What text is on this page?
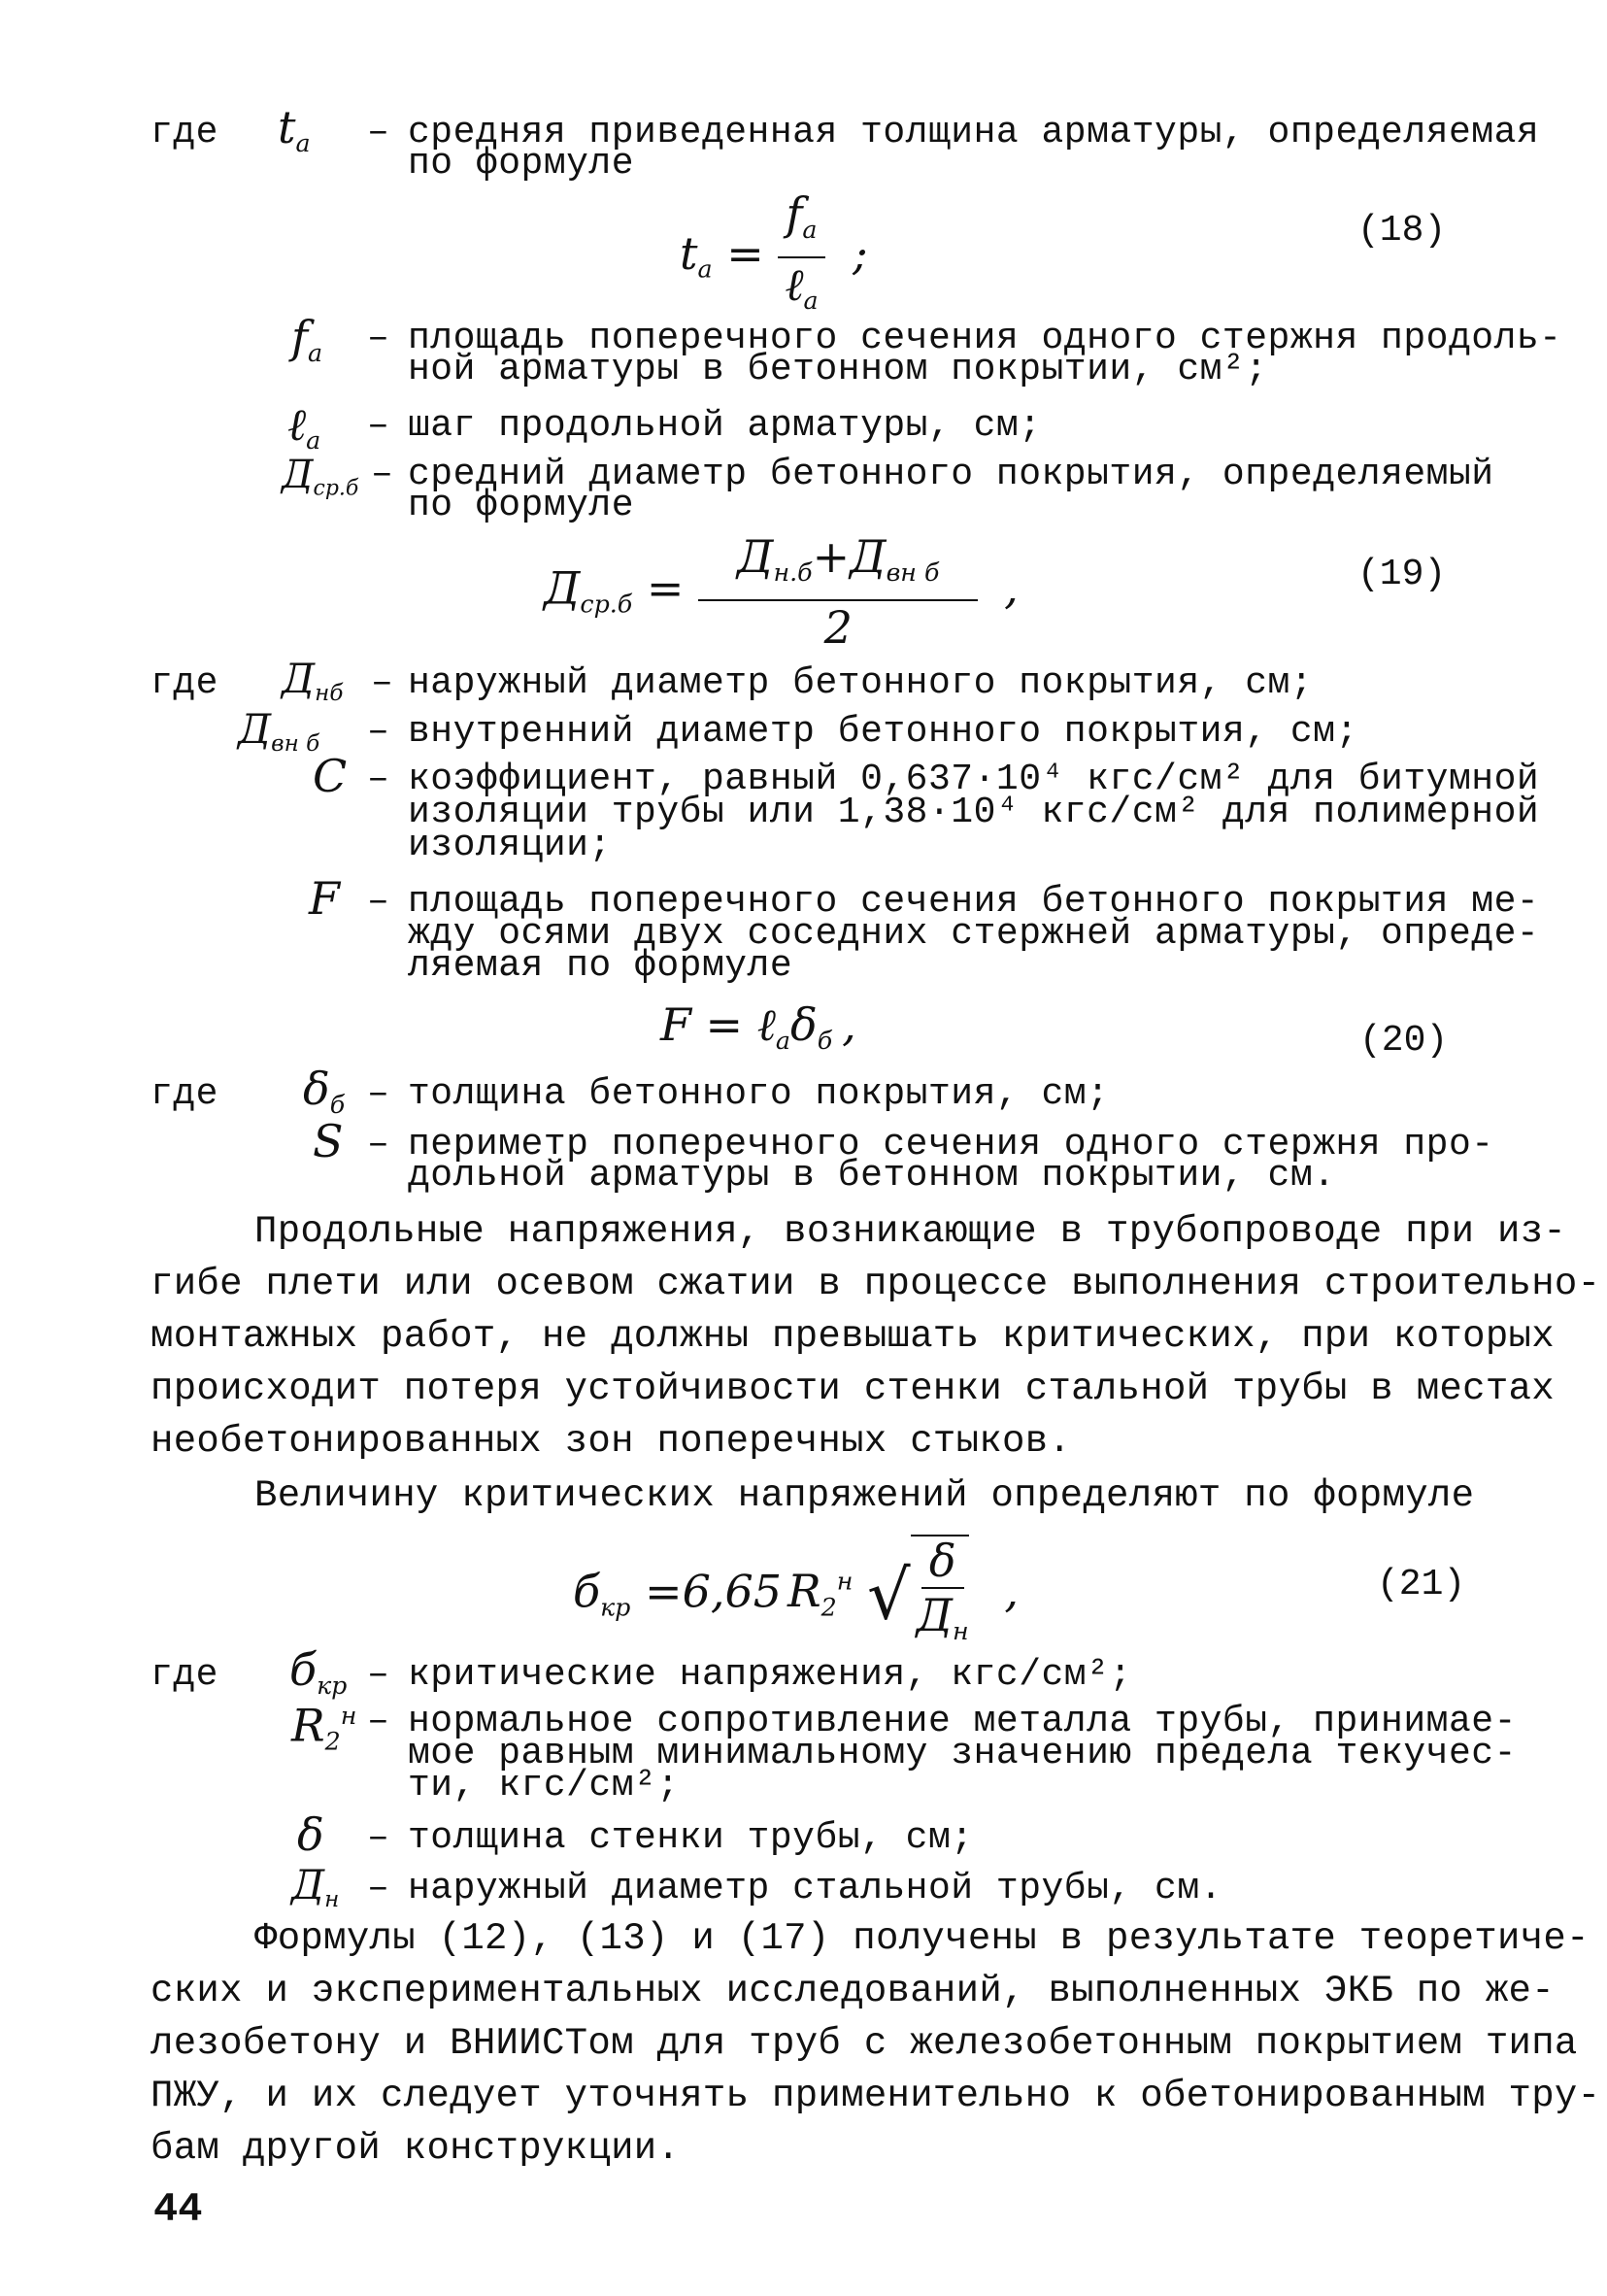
где $t_a$ – средняя приведенная толщина арматуры, определяемая
по формуле
$t_a = \frac{f_a}{\ell_a}$ ;	(18)
$f_a$ – площадь поперечного сечения одного стержня продоль-
ной арматуры в бетонном покрытии, см²;
ℓ$_a$ – шаг продольной арматуры, см;
$Д_{ср.б}$ – средний диаметр бетонного покрытия, определяемый
по формуле
$Д_{ср.б} = \frac{Д_{н.б}+Д_{вн б}}{2}$ ,	(19)
где $Д_{нб}$ – наружный диаметр бетонного покрытия, см;
$Д_{вн б}$ – внутренний диаметр бетонного покрытия, см;
C – коэффициент, равный 0,637·10⁴ кгс/см² для битумной
изоляции трубы или 1,38·10⁴ кгс/см² для полимерной
изоляции;
F – площадь поперечного сечения бетонного покрытия ме-
жду осями двух соседних стержней арматуры, опреде-
ляемая по формуле
$F = \ell_a\delta_б$ ,	(20)
где $\delta_б$ – толщина бетонного покрытия, см;
S – периметр поперечного сечения одного стержня про-
дольной арматуры в бетонном покрытии, см.
Продольные напряжения, возникающие в трубопроводе при из-
гибе плети или осевом сжатии в процессе выполнения строительно-
монтажных работ, не должны превышать критических, при которых
происходит потеря устойчивости стенки стальной трубы в местах
необетонированных зон поперечных стыков.
Величину критических напряжений определяют по формуле
$б_{кр} =6,65$ $R_2^н$ √ $\frac{\delta}{Д_н}$ ,	(21)
где $б_{кр}$ – критические напряжения, кгс/см²;
$R_2^н$ – нормальное сопротивление металла трубы, принимае-
мое равным минимальному значению предела текучес-
ти, кгс/см²;
δ – толщина стенки трубы, см;
$Д_н$ – наружный диаметр стальной трубы, см.
Формулы (12), (13) и (17) получены в результате теоретиче-
ских и экспериментальных исследований, выполненных ЭКБ по же-
лезобетону и ВНИИСТом для труб с железобетонным покрытием типа
ПЖУ, и их следует уточнять применительно к обетонированным тру-
бам другой конструкции.
44
